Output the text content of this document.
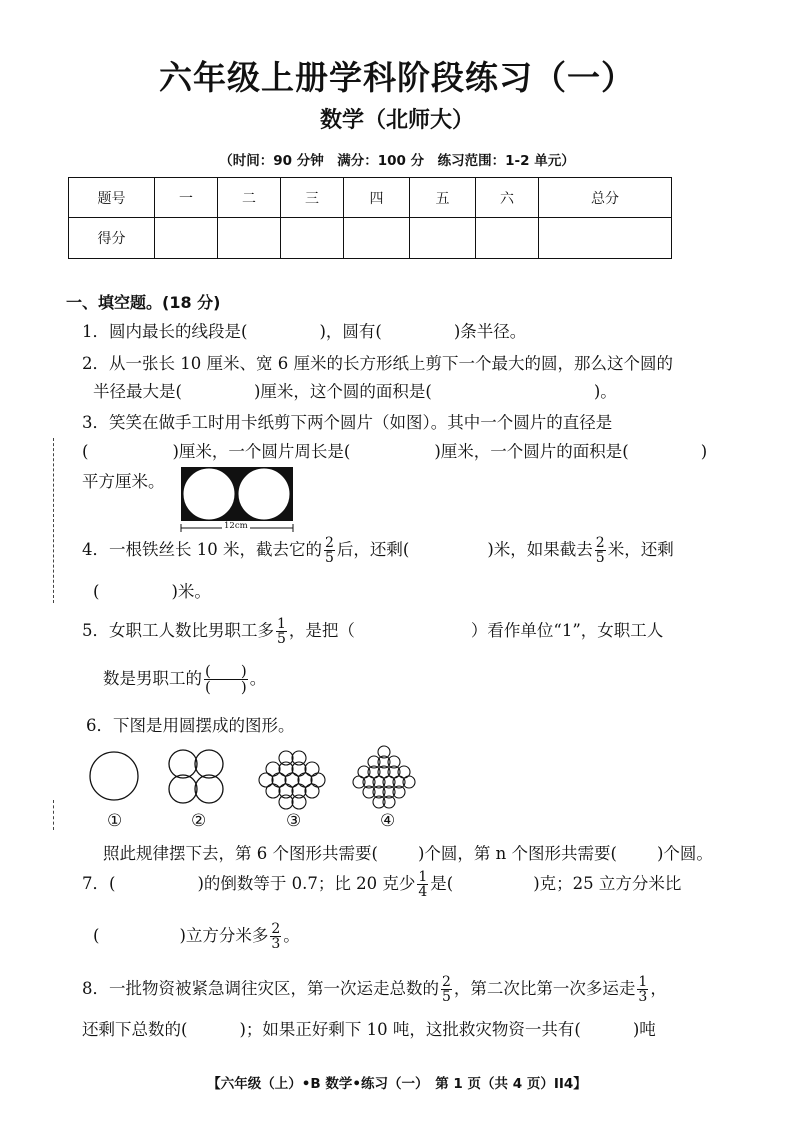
六年级上册学科阶段练习（一）
数学（北师大）
（时间：90 分钟　满分：100 分　练习范围：1-2 单元）
题号	一	二	三	四	五	六	总分
得分							
一、填空题。(18 分)
1．圆内最长的线段是(	)，圆有(	)条半径。
2．从一张长 10 厘米、宽 6 厘米的长方形纸上剪下一个最大的圆，那么这个圆的
半径最大是(	)厘米，这个圆的面积是(	)。
3．笑笑在做手工时用卡纸剪下两个圆片（如图）。其中一个圆片的直径是
(	)厘米，一个圆片周长是(	)厘米，一个圆片的面积是(	)
平方厘米。
12cm
4．一根铁丝长 10 米，截去它的 $\frac{2}{5}$ 后，还剩(	)米，如果截去 $\frac{2}{5}$ 米，还剩
(	)米。
5．女职工人数比男职工多 $\frac{1}{5}$ ，是把（	）看作单位“1”，女职工人
数是男职工的 $\frac{( )}{( )}$ 。
6．下图是用圆摆成的图形。
①	②	③	④
照此规律摆下去，第 6 个图形共需要( )个圆，第 n 个图形共需要( )个圆。
7．(	)的倒数等于 0.7；比 20 克少 $\frac{1}{4}$ 是(	)克；25 立方分米比
(	)立方分米多 $\frac{2}{3}$ 。
8．一批物资被紧急调往灾区，第一次运走总数的 $\frac{2}{5}$ ，第二次比第一次多运走 $\frac{1}{3}$ ，
还剩下总数的(	)；如果正好剩下 10 吨，这批救灾物资一共有(	)吨
【六年级（上）•B 数学•练习（一）　第 1 页（共 4 页）II4】
